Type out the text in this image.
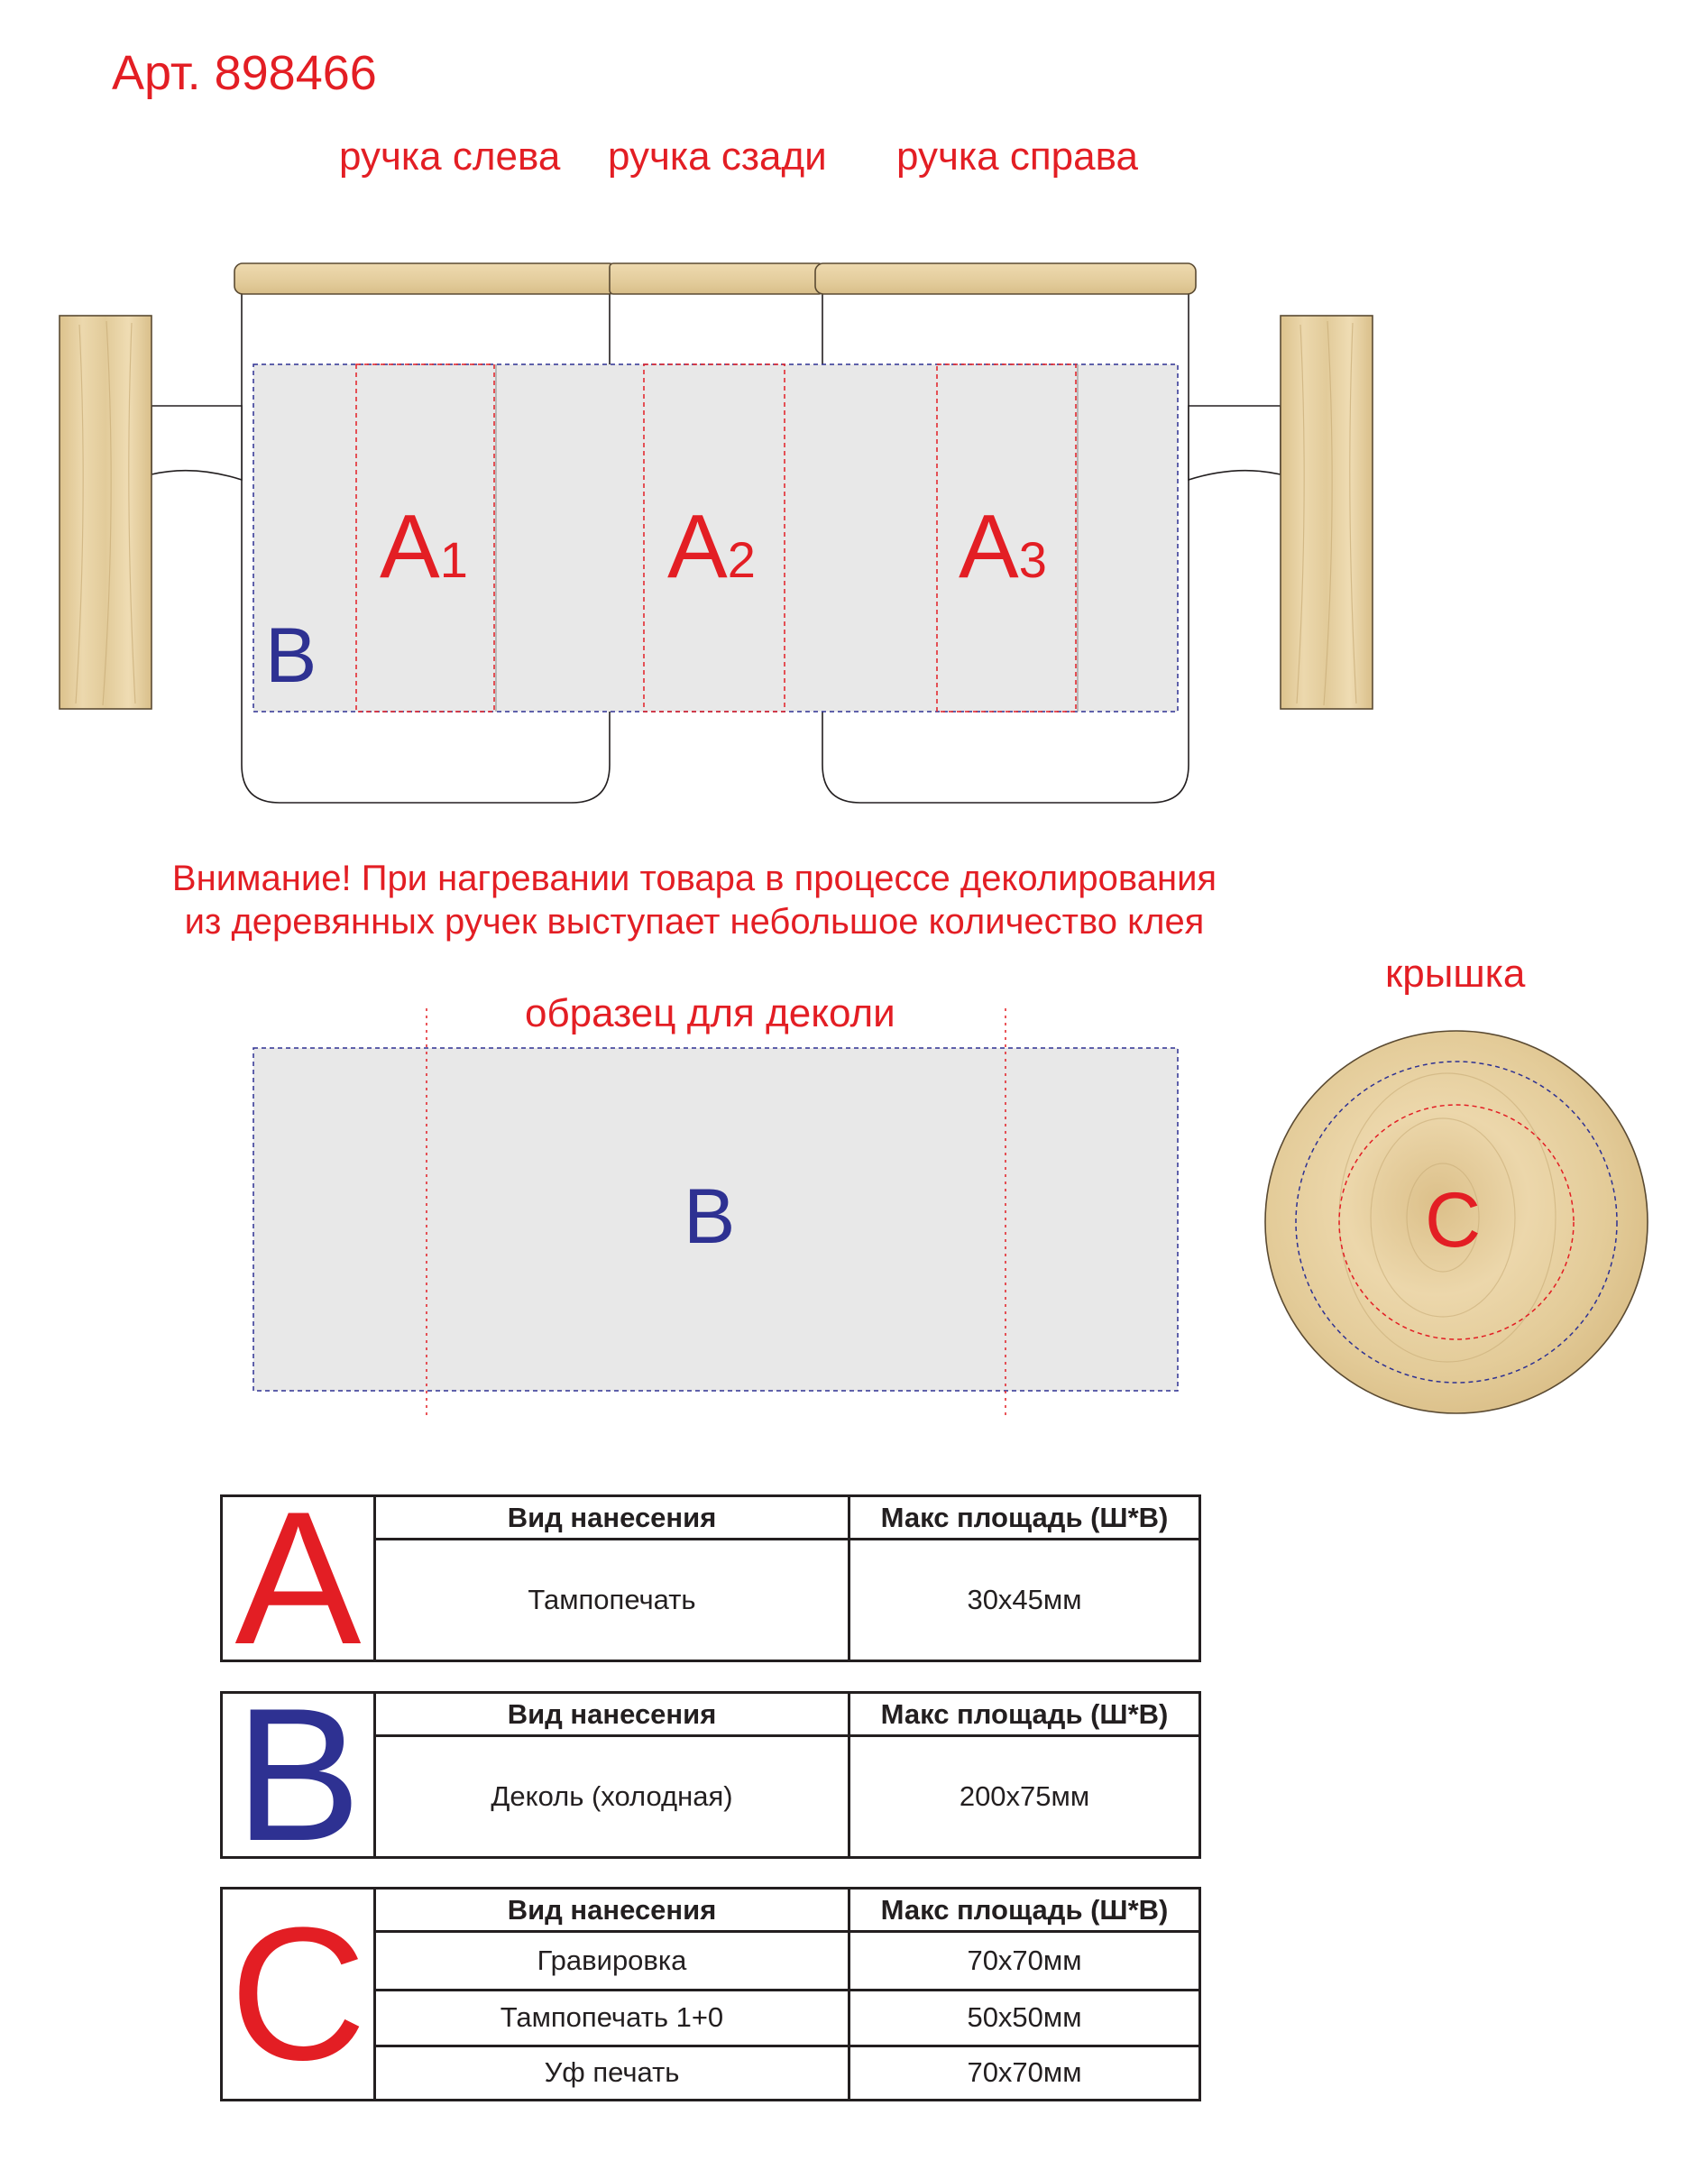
Арт. 898466
ручка слева ручка сзади ручка справа
A1 A2 A3
B
Внимание! При нагревании товара в процессе деколирования
из деревянных ручек выступает небольшое количество клея
образец для деколи
B
крышка
C
A	Вид нанесения	Макс площадь (Ш*В)
Тампопечать	30х45мм
B	Вид нанесения	Макс площадь (Ш*В)
Деколь (холодная)	200х75мм
C	Вид нанесения	Макс площадь (Ш*В)
Гравировка	70х70мм
Тампопечать 1+0	50х50мм
Уф печать	70х70мм
